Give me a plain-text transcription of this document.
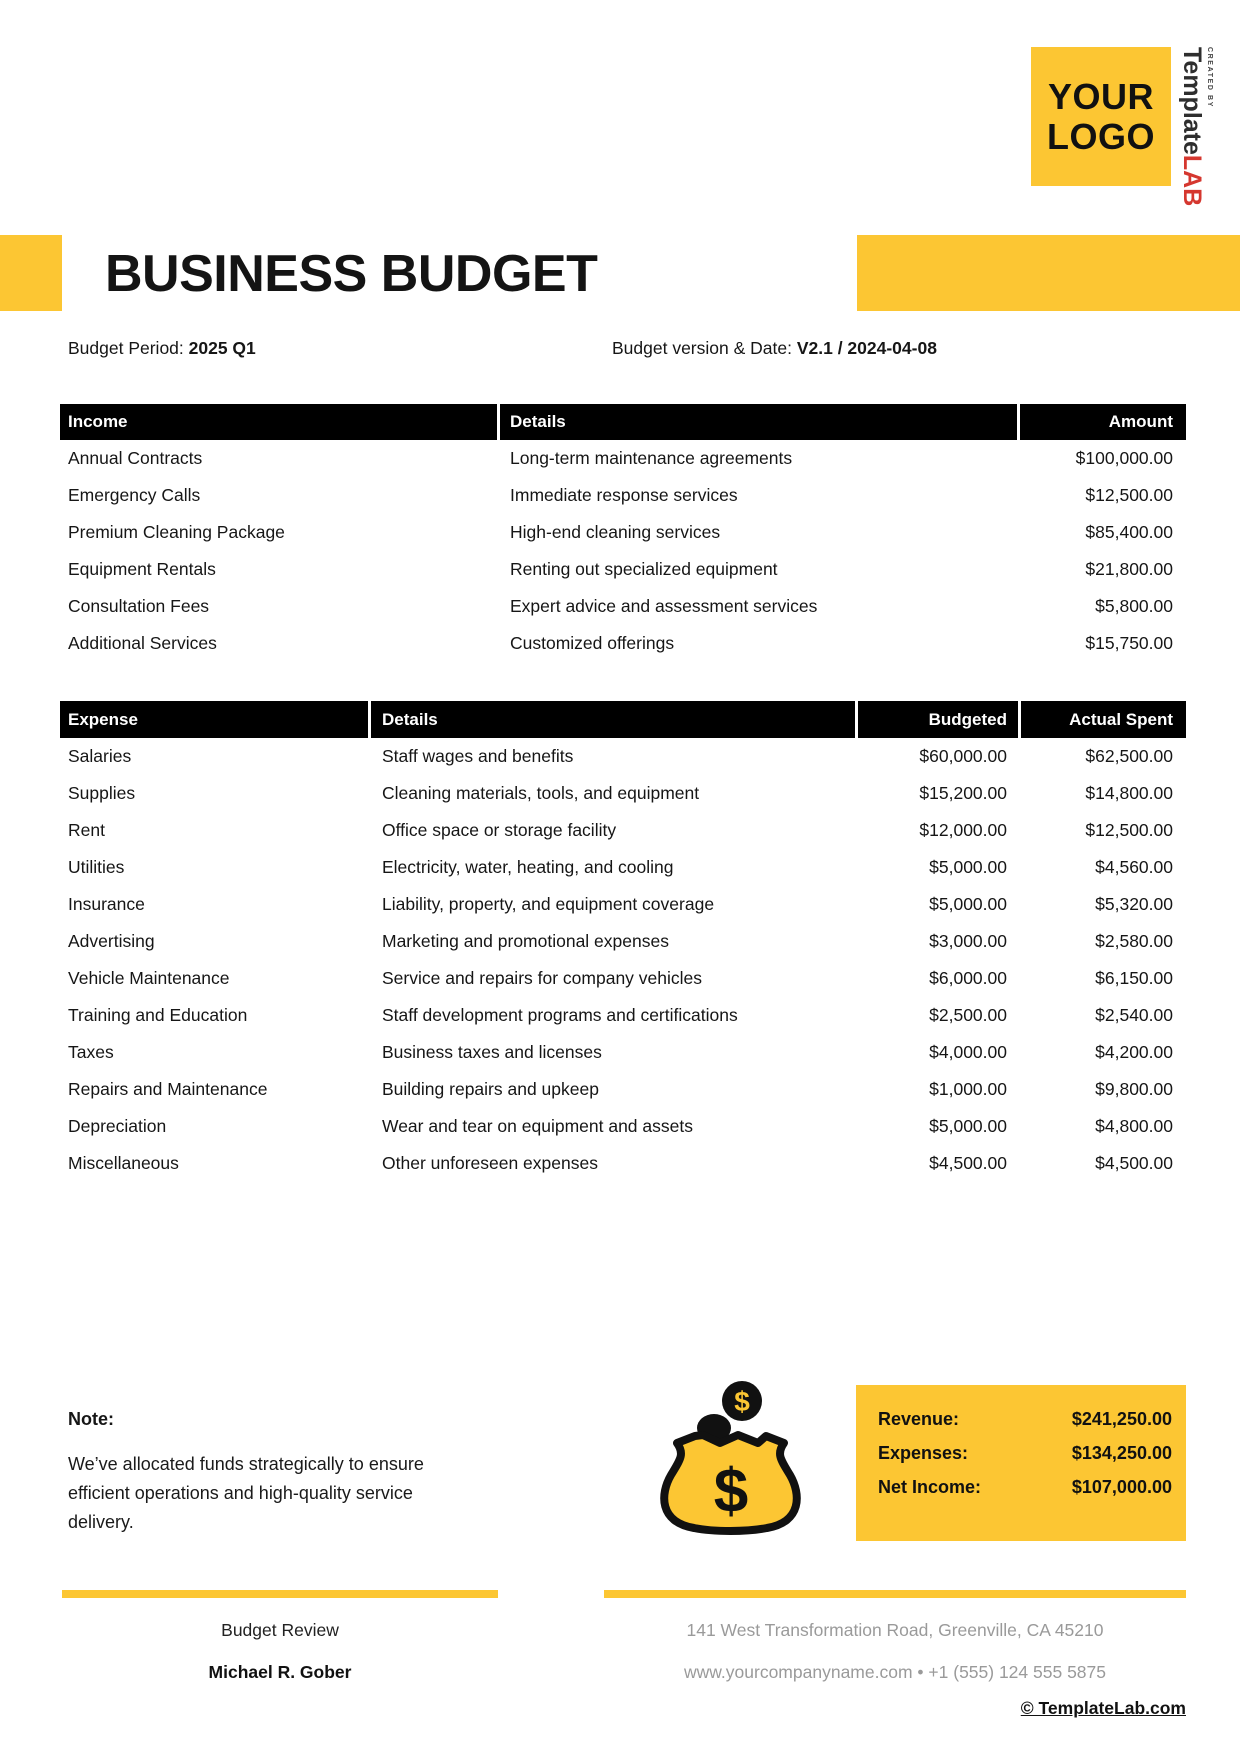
YOUR
LOGO
CREATED BY
TemplateLAB
BUSINESS BUDGET
Budget Period: 2025 Q1	Budget version & Date: V2.1 / 2024-04-08
Income	Details	Amount
Annual Contracts	Long-term maintenance agreements	$100,000.00
Emergency Calls	Immediate response services	$12,500.00
Premium Cleaning Package	High-end cleaning services	$85,400.00
Equipment Rentals	Renting out specialized equipment	$21,800.00
Consultation Fees	Expert advice and assessment services	$5,800.00
Additional Services	Customized offerings	$15,750.00
Expense	Details	Budgeted	Actual Spent
Salaries	Staff wages and benefits	$60,000.00	$62,500.00
Supplies	Cleaning materials, tools, and equipment	$15,200.00	$14,800.00
Rent	Office space or storage facility	$12,000.00	$12,500.00
Utilities	Electricity, water, heating, and cooling	$5,000.00	$4,560.00
Insurance	Liability, property, and equipment coverage	$5,000.00	$5,320.00
Advertising	Marketing and promotional expenses	$3,000.00	$2,580.00
Vehicle Maintenance	Service and repairs for company vehicles	$6,000.00	$6,150.00
Training and Education	Staff development programs and certifications	$2,500.00	$2,540.00
Taxes	Business taxes and licenses	$4,000.00	$4,200.00
Repairs and Maintenance	Building repairs and upkeep	$1,000.00	$9,800.00
Depreciation	Wear and tear on equipment and assets	$5,000.00	$4,800.00
Miscellaneous	Other unforeseen expenses	$4,500.00	$4,500.00
Note:
We’ve allocated funds strategically to ensure efficient operations and high-quality service delivery.
$
$
Revenue:	$241,250.00
Expenses:	$134,250.00
Net Income:	$107,000.00
Budget Review
Michael R. Gober
141 West Transformation Road, Greenville, CA 45210
www.yourcompanyname.com • +1 (555) 124 555 5875
© TemplateLab.com
